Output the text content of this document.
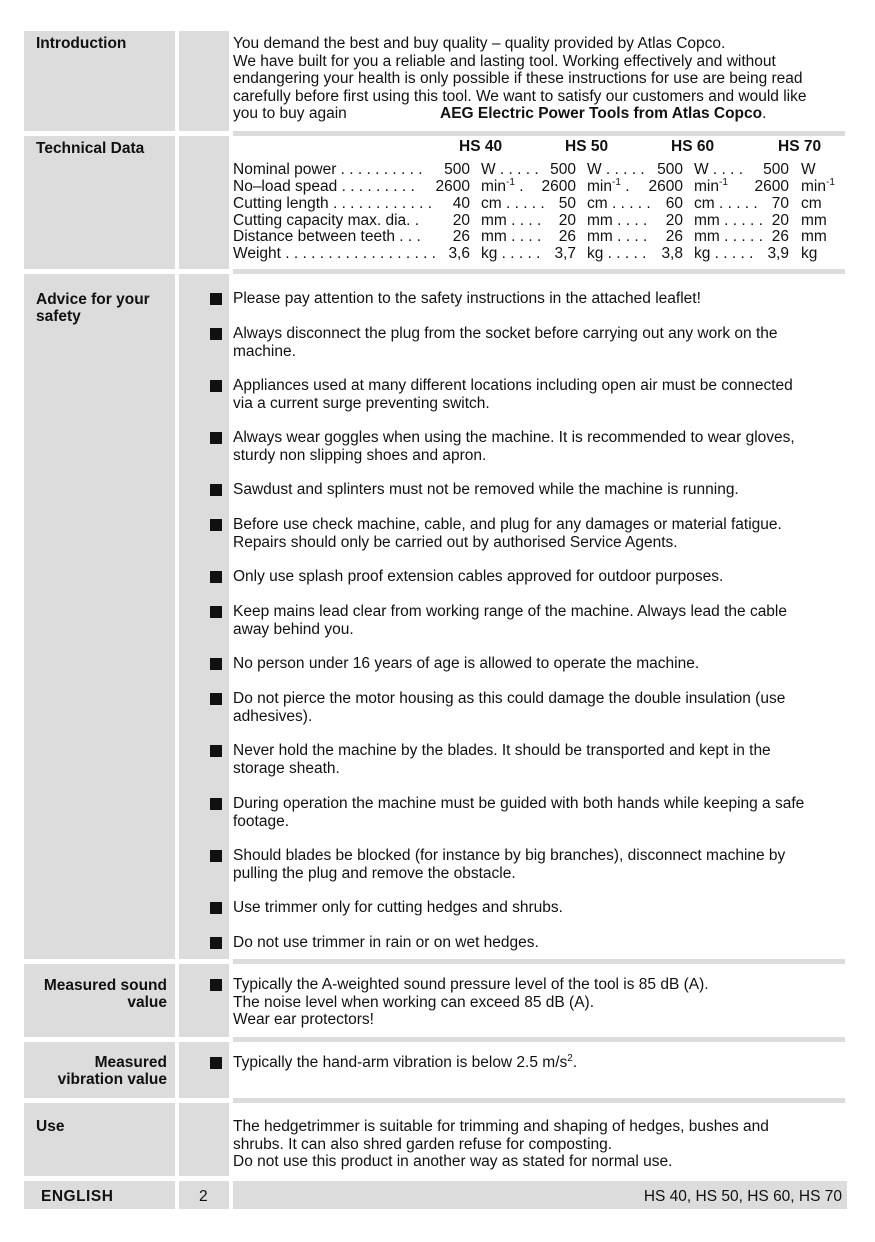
Introduction	You demand the best and buy quality – quality provided by Atlas Copco.
We have built for you a reliable and lasting tool. Working effectively and without
endangering your health is only possible if these instructions for use are being read
carefully before first using this tool. We want to satisfy our customers and would like
you to buy again	AEG Electric Power Tools from Atlas Copco.
Technical Data	HS 40	HS 50	HS 60	HS 70
Nominal power . . . . . . . . . . 500 W . . . . . 500 W . . . . . 500 W . . . . 500 W
No–load spead . . . . . . . . . 2600 $\min^{-1}$ . 2600 $\min^{-1}$ . 2600 $\min^{-1} 2600$ $\min^{-1}$
Cutting length . . . . . . . . . . . . 40 cm . . . . . 50 cm . . . . . 60 cm . . . . . 70 cm
Cutting capacity max. dia. . 20 mm . . . . 20 mm . . . . 20 mm . . . . . 20 mm
Distance between teeth . . . 26 mm . . . . 26 mm . . . . 26 mm . . . . . 26 mm
Weight . . . . . . . . . . . . . . . . . . 3,6 kg . . . . . 3,7 kg . . . . . 3,8 kg . . . . . 3,9 kg
Advice for your safety
Please pay attention to the safety instructions in the attached leaflet!
Always disconnect the plug from the socket before carrying out any work on the
machine.
Appliances used at many different locations including open air must be connected
via a current surge preventing switch.
Always wear goggles when using the machine. It is recommended to wear gloves,
sturdy non slipping shoes and apron.
Sawdust and splinters must not be removed while the machine is running.
Before use check machine, cable, and plug for any damages or material fatigue.
Repairs should only be carried out by authorised Service Agents.
Only use splash proof extension cables approved for outdoor purposes.
Keep mains lead clear from working range of the machine. Always lead the cable
away behind you.
No person under 16 years of age is allowed to operate the machine.
Do not pierce the motor housing as this could damage the double insulation (use
adhesives).
Never hold the machine by the blades. It should be transported and kept in the
storage sheath.
During operation the machine must be guided with both hands while keeping a safe
footage.
Should blades be blocked (for instance by big branches), disconnect machine by
pulling the plug and remove the obstacle.
Use trimmer only for cutting hedges and shrubs.
Do not use trimmer in rain or on wet hedges.
Measured sound
value
Typically the A-weighted sound pressure level of the tool is 85 dB (A).
The noise level when working can exceed 85 dB (A).
Wear ear protectors!
Measured
vibration value
Typically the hand-arm vibration is below 2.5 $m/s^2$.
Use	The hedgetrimmer is suitable for trimming and shaping of hedges, bushes and
shrubs. It can also shred garden refuse for composting.
Do not use this product in another way as stated for normal use.
ENGLISH	2	HS 40, HS 50, HS 60, HS 70
